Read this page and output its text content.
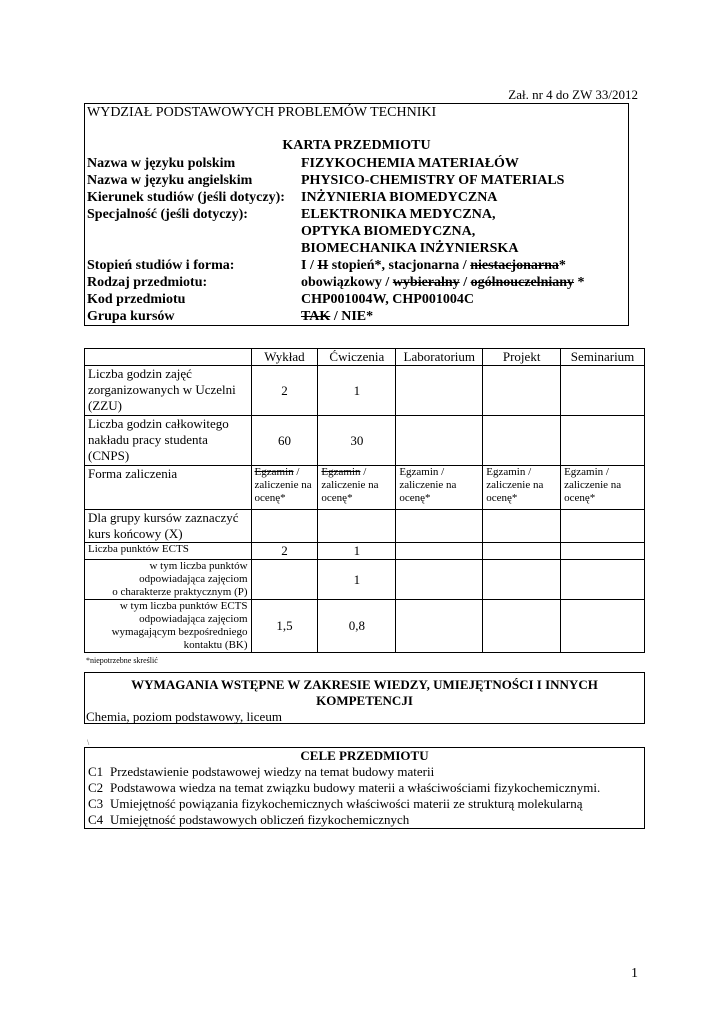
Zał. nr 4 do ZW 33/2012
WYDZIAŁ PODSTAWOWYCH PROBLEMÓW TECHNIKI
KARTA PRZEDMIOTU
Nazwa w języku polskim	FIZYKOCHEMIA MATERIAŁÓW
Nazwa w języku angielskim	PHYSICO-CHEMISTRY OF MATERIALS
Kierunek studiów (jeśli dotyczy):	INŻYNIERIA BIOMEDYCZNA
Specjalność (jeśli dotyczy):	ELEKTRONIKA MEDYCZNA,
OPTYKA BIOMEDYCZNA,
BIOMECHANIKA INŻYNIERSKA
Stopień studiów i forma:	I / II stopień*, stacjonarna / niestacjonarna*
Rodzaj przedmiotu:	obowiązkowy / wybieralny / ogólnouczelniany *
Kod przedmiotu	CHP001004W, CHP001004C
Grupa kursów	TAK / NIE*
	Wykład	Ćwiczenia	Laboratorium	Projekt	Seminarium
Liczba godzin zajęć zorganizowanych w Uczelni (ZZU)	2	1			
Liczba godzin całkowitego nakładu pracy studenta (CNPS)	60	30			
Forma zaliczenia	Egzamin / zaliczenie na ocenę*	Egzamin / zaliczenie na ocenę*	Egzamin / zaliczenie na ocenę*	Egzamin / zaliczenie na ocenę*	Egzamin / zaliczenie na ocenę*
Dla grupy kursów zaznaczyć kurs końcowy (X)					
Liczba punktów ECTS	2	1			
w tym liczba punktów
odpowiadająca zajęciom
o charakterze praktycznym (P)		1			
w tym liczba punktów ECTS
odpowiadająca zajęciom
wymagającym bezpośredniego
kontaktu (BK)	1,5	0,8			
*niepotrzebne skreślić
WYMAGANIA WSTĘPNE W ZAKRESIE WIEDZY, UMIEJĘTNOŚCI I INNYCH
KOMPETENCJI
Chemia, poziom podstawowy, liceum
\
CELE PRZEDMIOTU
C1 Przedstawienie podstawowej wiedzy na temat budowy materii
C2 Podstawowa wiedza na temat związku budowy materii a właściwościami fizykochemicznymi.
C3 Umiejętność powiązania fizykochemicznych właściwości materii ze strukturą molekularną
C4 Umiejętność podstawowych obliczeń fizykochemicznych
1
